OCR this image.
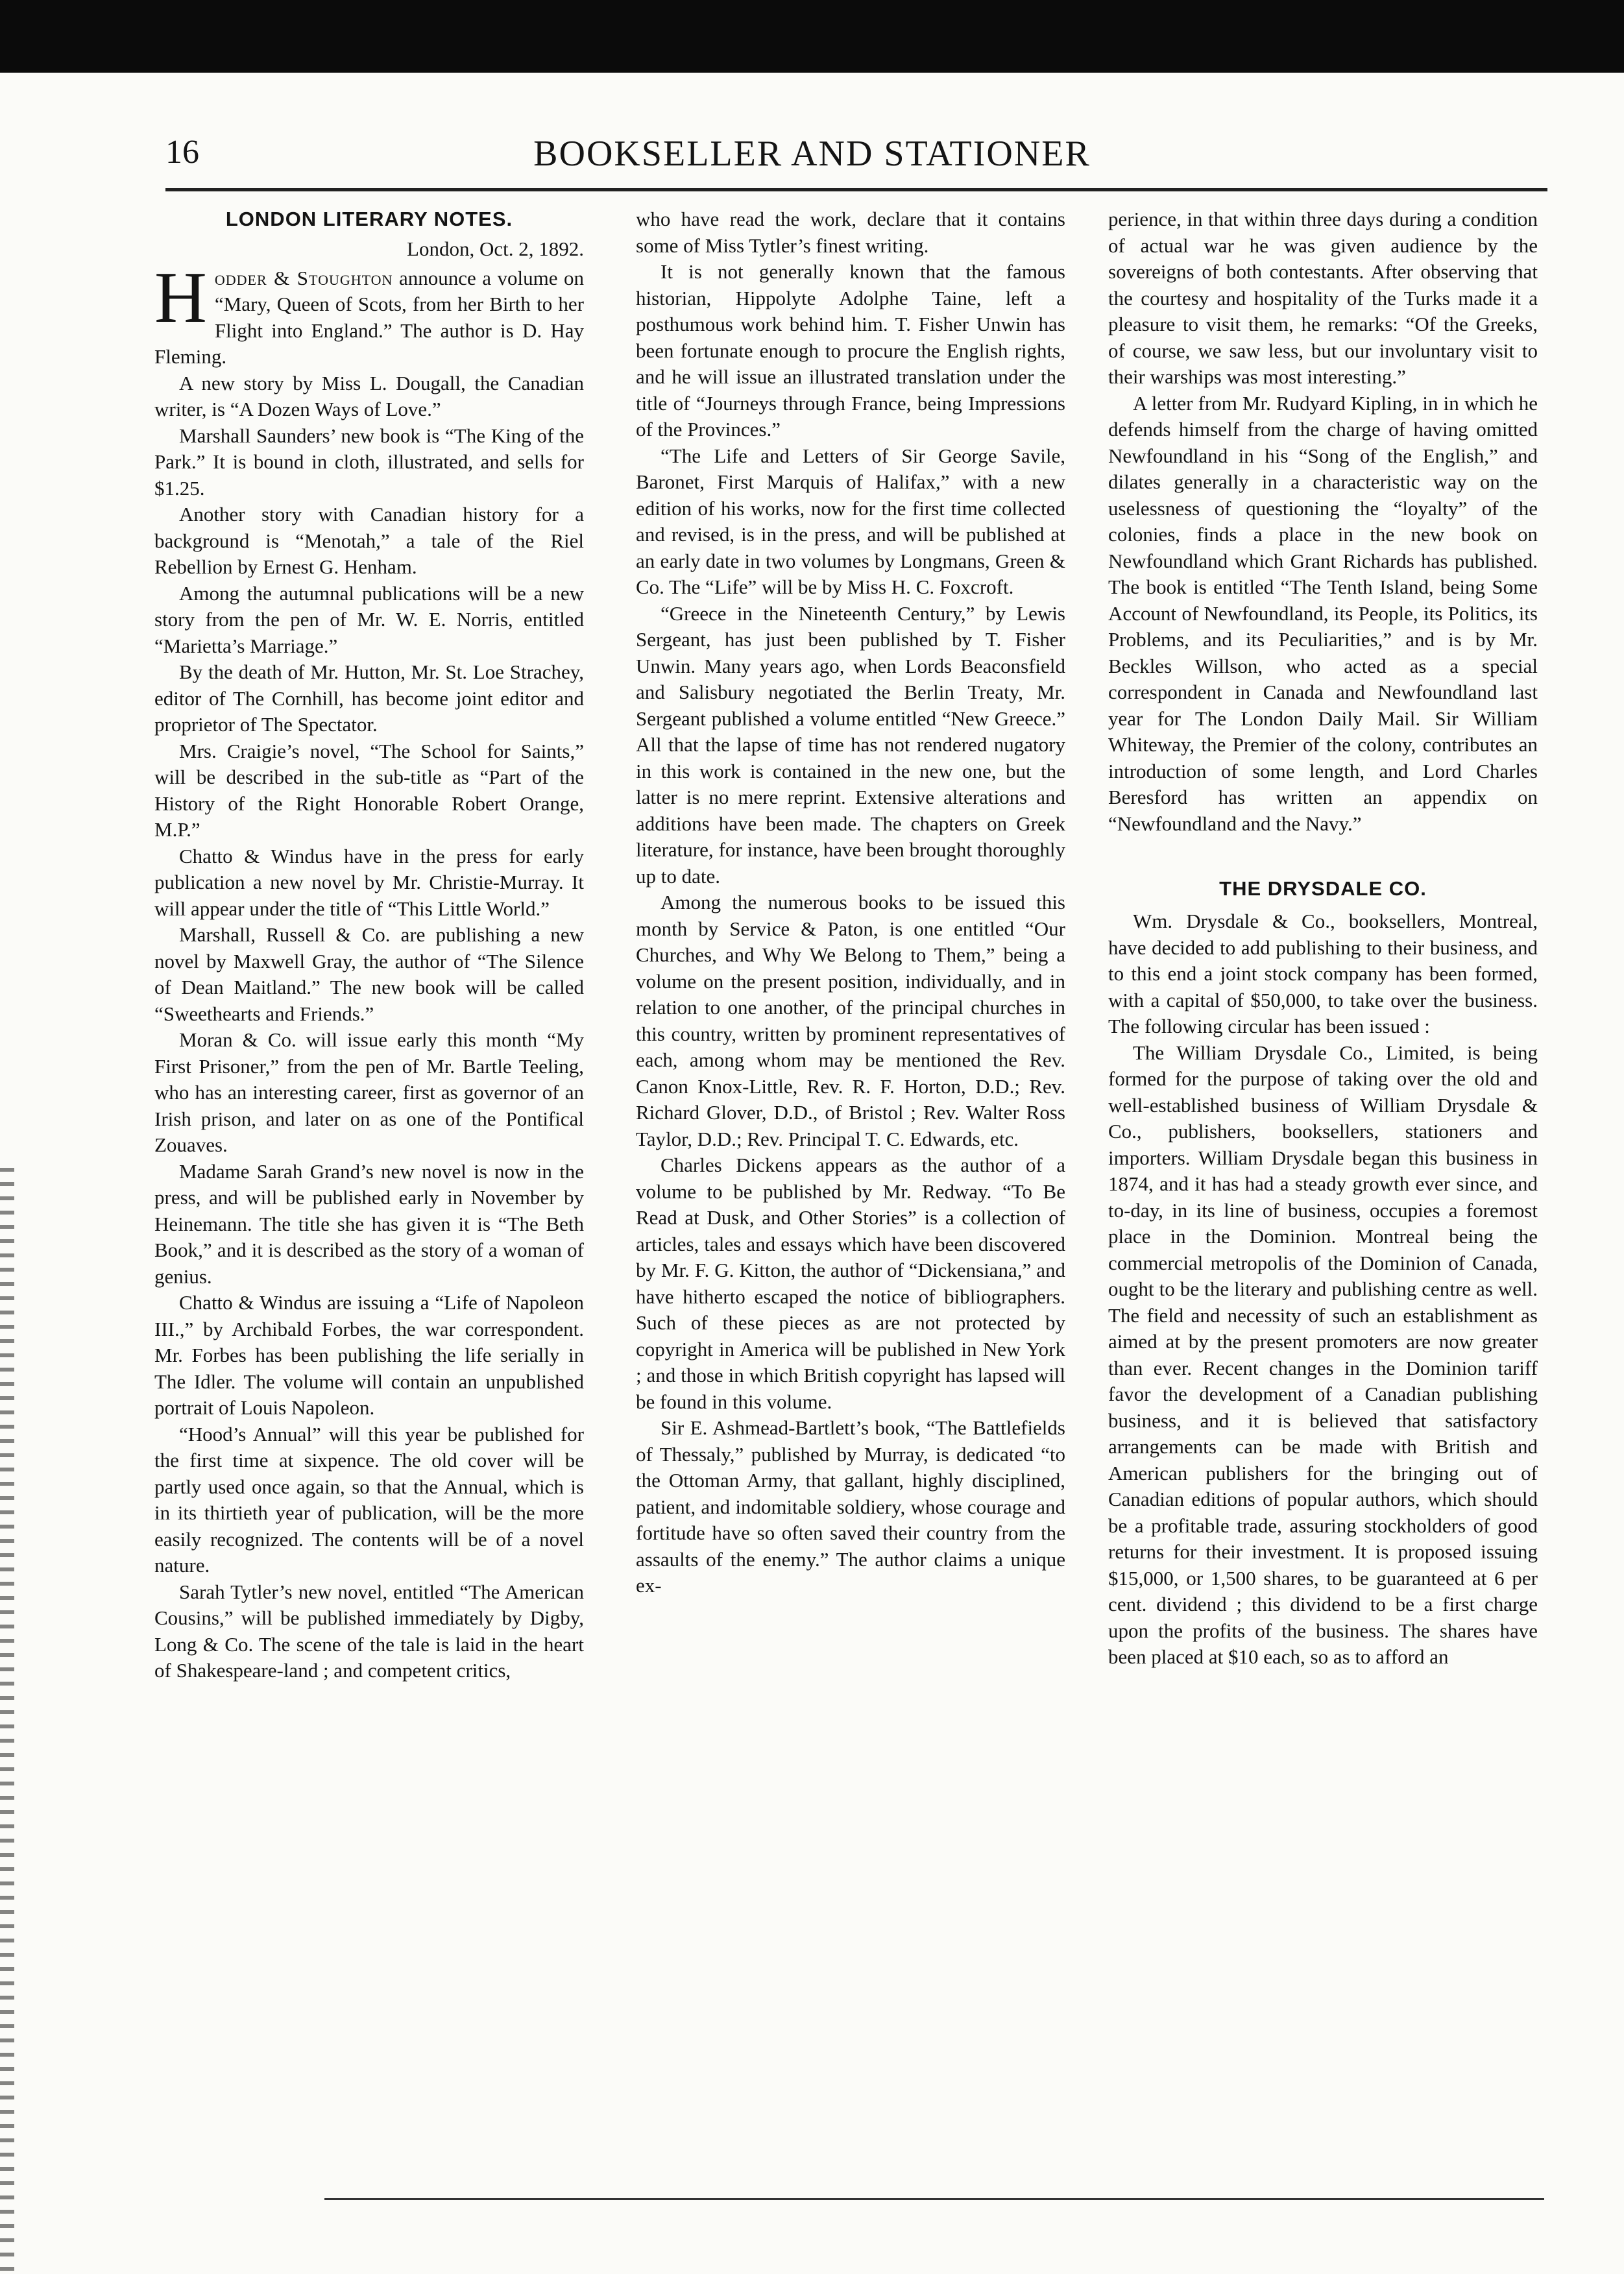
16	BOOKSELLER AND STATIONER
LONDON LITERARY NOTES.

London, Oct. 2, 1892.

Hodder & Stoughton announce a volume on “Mary, Queen of Scots, from her Birth to her Flight into England.” The author is D. Hay Fleming.

A new story by Miss L. Dougall, the Canadian writer, is “A Dozen Ways of Love.”

Marshall Saunders’ new book is “The King of the Park.” It is bound in cloth, illustrated, and sells for $1.25.

Another story with Canadian history for a background is “Menotah,” a tale of the Riel Rebellion by Ernest G. Henham.

Among the autumnal publications will be a new story from the pen of Mr. W. E. Norris, entitled “Marietta’s Marriage.”

By the death of Mr. Hutton, Mr. St. Loe Strachey, editor of The Cornhill, has become joint editor and proprietor of The Spectator.

Mrs. Craigie’s novel, “The School for Saints,” will be described in the sub-title as “Part of the History of the Right Honorable Robert Orange, M.P.”

Chatto & Windus have in the press for early publication a new novel by Mr. Christie-Murray. It will appear under the title of “This Little World.”

Marshall, Russell & Co. are publishing a new novel by Maxwell Gray, the author of “The Silence of Dean Maitland.” The new book will be called “Sweethearts and Friends.”

Moran & Co. will issue early this month “My First Prisoner,” from the pen of Mr. Bartle Teeling, who has an interesting career, first as governor of an Irish prison, and later on as one of the Pontifical Zouaves.

Madame Sarah Grand’s new novel is now in the press, and will be published early in November by Heinemann. The title she has given it is “The Beth Book,” and it is described as the story of a woman of genius.

Chatto & Windus are issuing a “Life of Napoleon III.,” by Archibald Forbes, the war correspondent. Mr. Forbes has been publishing the life serially in The Idler. The volume will contain an unpublished portrait of Louis Napoleon.

“Hood’s Annual” will this year be published for the first time at sixpence. The old cover will be partly used once again, so that the Annual, which is in its thirtieth year of publication, will be the more easily recognized. The contents will be of a novel nature.

Sarah Tytler’s new novel, entitled “The American Cousins,” will be published immediately by Digby, Long & Co. The scene of the tale is laid in the heart of Shakespeare-land ; and competent critics,

who have read the work, declare that it contains some of Miss Tytler’s finest writing.

It is not generally known that the famous historian, Hippolyte Adolphe Taine, left a posthumous work behind him. T. Fisher Unwin has been fortunate enough to procure the English rights, and he will issue an illustrated translation under the title of “Journeys through France, being Impressions of the Provinces.”

“The Life and Letters of Sir George Savile, Baronet, First Marquis of Halifax,” with a new edition of his works, now for the first time collected and revised, is in the press, and will be published at an early date in two volumes by Longmans, Green & Co. The “Life” will be by Miss H. C. Foxcroft.

“Greece in the Nineteenth Century,” by Lewis Sergeant, has just been published by T. Fisher Unwin. Many years ago, when Lords Beaconsfield and Salisbury negotiated the Berlin Treaty, Mr. Sergeant published a volume entitled “New Greece.” All that the lapse of time has not rendered nugatory in this work is contained in the new one, but the latter is no mere reprint. Extensive alterations and additions have been made. The chapters on Greek literature, for instance, have been brought thoroughly up to date.

Among the numerous books to be issued this month by Service & Paton, is one entitled “Our Churches, and Why We Belong to Them,” being a volume on the present position, individually, and in relation to one another, of the principal churches in this country, written by prominent representatives of each, among whom may be mentioned the Rev. Canon Knox-Little, Rev. R. F. Horton, D.D.; Rev. Richard Glover, D.D., of Bristol ; Rev. Walter Ross Taylor, D.D.; Rev. Principal T. C. Edwards, etc.

Charles Dickens appears as the author of a volume to be published by Mr. Redway. “To Be Read at Dusk, and Other Stories” is a collection of articles, tales and essays which have been discovered by Mr. F. G. Kitton, the author of “Dickensiana,” and have hitherto escaped the notice of bibliographers. Such of these pieces as are not protected by copyright in America will be published in New York ; and those in which British copyright has lapsed will be found in this volume.

Sir E. Ashmead-Bartlett’s book, “The Battlefields of Thessaly,” published by Murray, is dedicated “to the Ottoman Army, that gallant, highly disciplined, patient, and indomitable soldiery, whose courage and fortitude have so often saved their country from the assaults of the enemy.” The author claims a unique ex-

perience, in that within three days during a condition of actual war he was given audience by the sovereigns of both contestants. After observing that the courtesy and hospitality of the Turks made it a pleasure to visit them, he remarks: “Of the Greeks, of course, we saw less, but our involuntary visit to their warships was most interesting.”

A letter from Mr. Rudyard Kipling, in in which he defends himself from the charge of having omitted Newfoundland in his “Song of the English,” and dilates generally in a characteristic way on the uselessness of questioning the “loyalty” of the colonies, finds a place in the new book on Newfoundland which Grant Richards has published. The book is entitled “The Tenth Island, being Some Account of Newfoundland, its People, its Politics, its Problems, and its Peculiarities,” and is by Mr. Beckles Willson, who acted as a special correspondent in Canada and Newfoundland last year for The London Daily Mail. Sir William Whiteway, the Premier of the colony, contributes an introduction of some length, and Lord Charles Beresford has written an appendix on “Newfoundland and the Navy.”

THE DRYSDALE CO.

Wm. Drysdale & Co., booksellers, Montreal, have decided to add publishing to their business, and to this end a joint stock company has been formed, with a capital of $50,000, to take over the business. The following circular has been issued :

The William Drysdale Co., Limited, is being formed for the purpose of taking over the old and well-established business of William Drysdale & Co., publishers, booksellers, stationers and importers. William Drysdale began this business in 1874, and it has had a steady growth ever since, and to-day, in its line of business, occupies a foremost place in the Dominion. Montreal being the commercial metropolis of the Dominion of Canada, ought to be the literary and publishing centre as well. The field and necessity of such an establishment as aimed at by the present promoters are now greater than ever. Recent changes in the Dominion tariff favor the development of a Canadian publishing business, and it is believed that satisfactory arrangements can be made with British and American publishers for the bringing out of Canadian editions of popular authors, which should be a profitable trade, assuring stockholders of good returns for their investment. It is proposed issuing $15,000, or 1,500 shares, to be guaranteed at 6 per cent. dividend ; this dividend to be a first charge upon the profits of the business. The shares have been placed at $10 each, so as to afford an
